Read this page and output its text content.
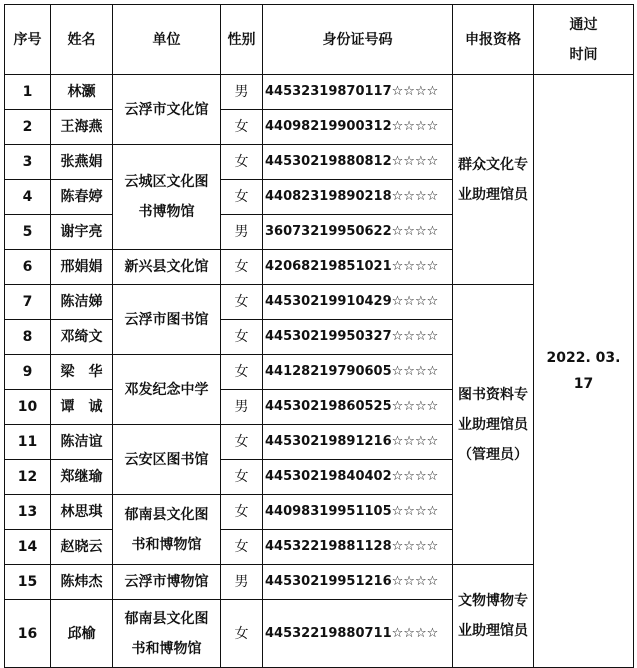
序号	姓名	单位	性别	身份证号码	申报资格	通过
时间

1	林灏	云浮市文化馆	男	44532319870117☆☆☆☆	群众文化专
业助理馆员	2022. 03. 17
2	王海燕		女	44098219900312☆☆☆☆		
3	张燕娟	云城区文化图
书博物馆	女	44530219880812☆☆☆☆		
4	陈春婷		女	44082319890218☆☆☆☆		
5	谢宇亮		男	36073219950622☆☆☆☆		
6	邢娟娟	新兴县文化馆	女	42068219851021☆☆☆☆		
7	陈洁娣	云浮市图书馆	女	44530219910429☆☆☆☆	图书资料专
业助理馆员
（管理员）	

8	邓绮文		女	44530219950327☆☆☆☆		
9	梁　华	邓发纪念中学	女	44128219790605☆☆☆☆		
10	谭　诚		男	44530219860525☆☆☆☆		
11	陈洁谊	云安区图书馆	女	44530219891216☆☆☆☆		
12	郑继瑜		女	44530219840402☆☆☆☆		
13	林思琪	郁南县文化图
书和博物馆	女	44098319951105☆☆☆☆		
14	赵晓云		女	44532219881128☆☆☆☆		
15	陈炜杰	云浮市博物馆	男	44530219951216☆☆☆☆	文物博物专
业助理馆员	

16	邱榆	郁南县文化图
书和博物馆	女	44532219880711☆☆☆☆		
